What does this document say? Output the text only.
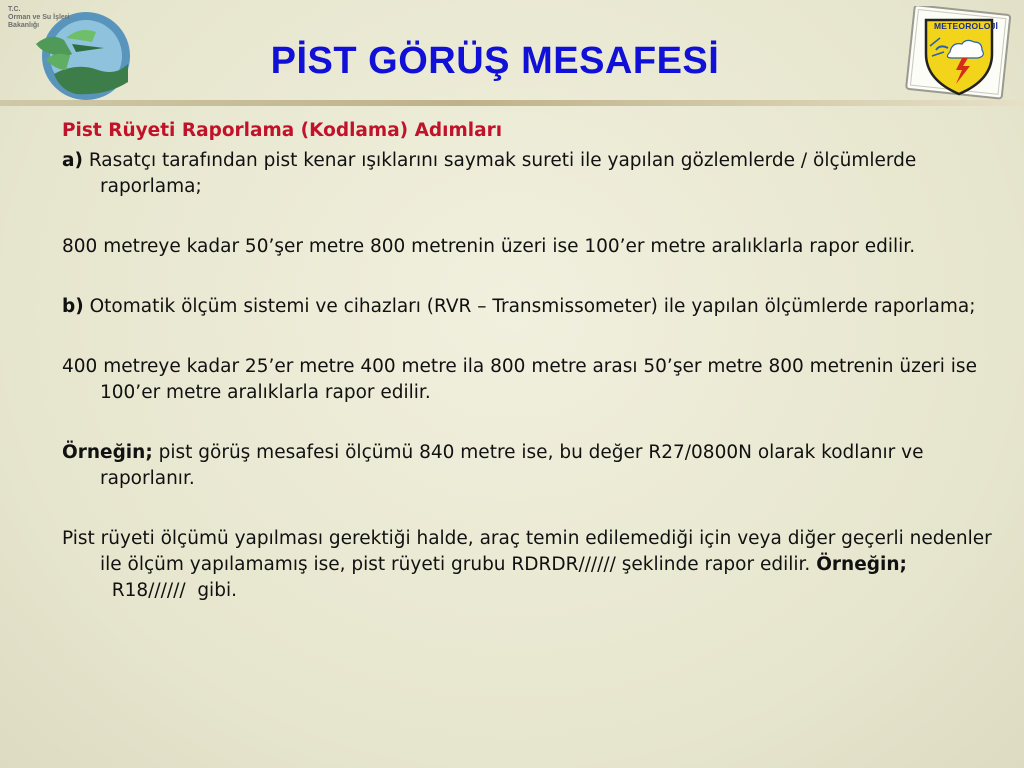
T.C.
Orman ve Su İşleri
Bakanlığı
PİST GÖRÜŞ MESAFESİ
METEOROLOJİ
Pist Rüyeti Raporlama (Kodlama) Adımları

a) Rasatçı tarafından pist kenar ışıklarını saymak sureti ile yapılan gözlemlerde / ölçümlerde raporlama;

800 metreye kadar 50’şer metre 800 metrenin üzeri ise 100’er metre aralıklarla rapor edilir.

b) Otomatik ölçüm sistemi ve cihazları (RVR – Transmissometer) ile yapılan ölçümlerde raporlama;

400 metreye kadar 25’er metre 400 metre ila 800 metre arası 50’şer metre 800 metrenin üzeri ise 100’er metre aralıklarla rapor edilir.

Örneğin; pist görüş mesafesi ölçümü 840 metre ise, bu değer R27/0800N olarak kodlanır ve raporlanır.

Pist rüyeti ölçümü yapılması gerektiği halde, araç temin edilemediği için veya diğer geçerli nedenler ile ölçüm yapılamamış ise, pist rüyeti grubu RDRDR////// şeklinde rapor edilir. Örneğin;  R18//////  gibi.
